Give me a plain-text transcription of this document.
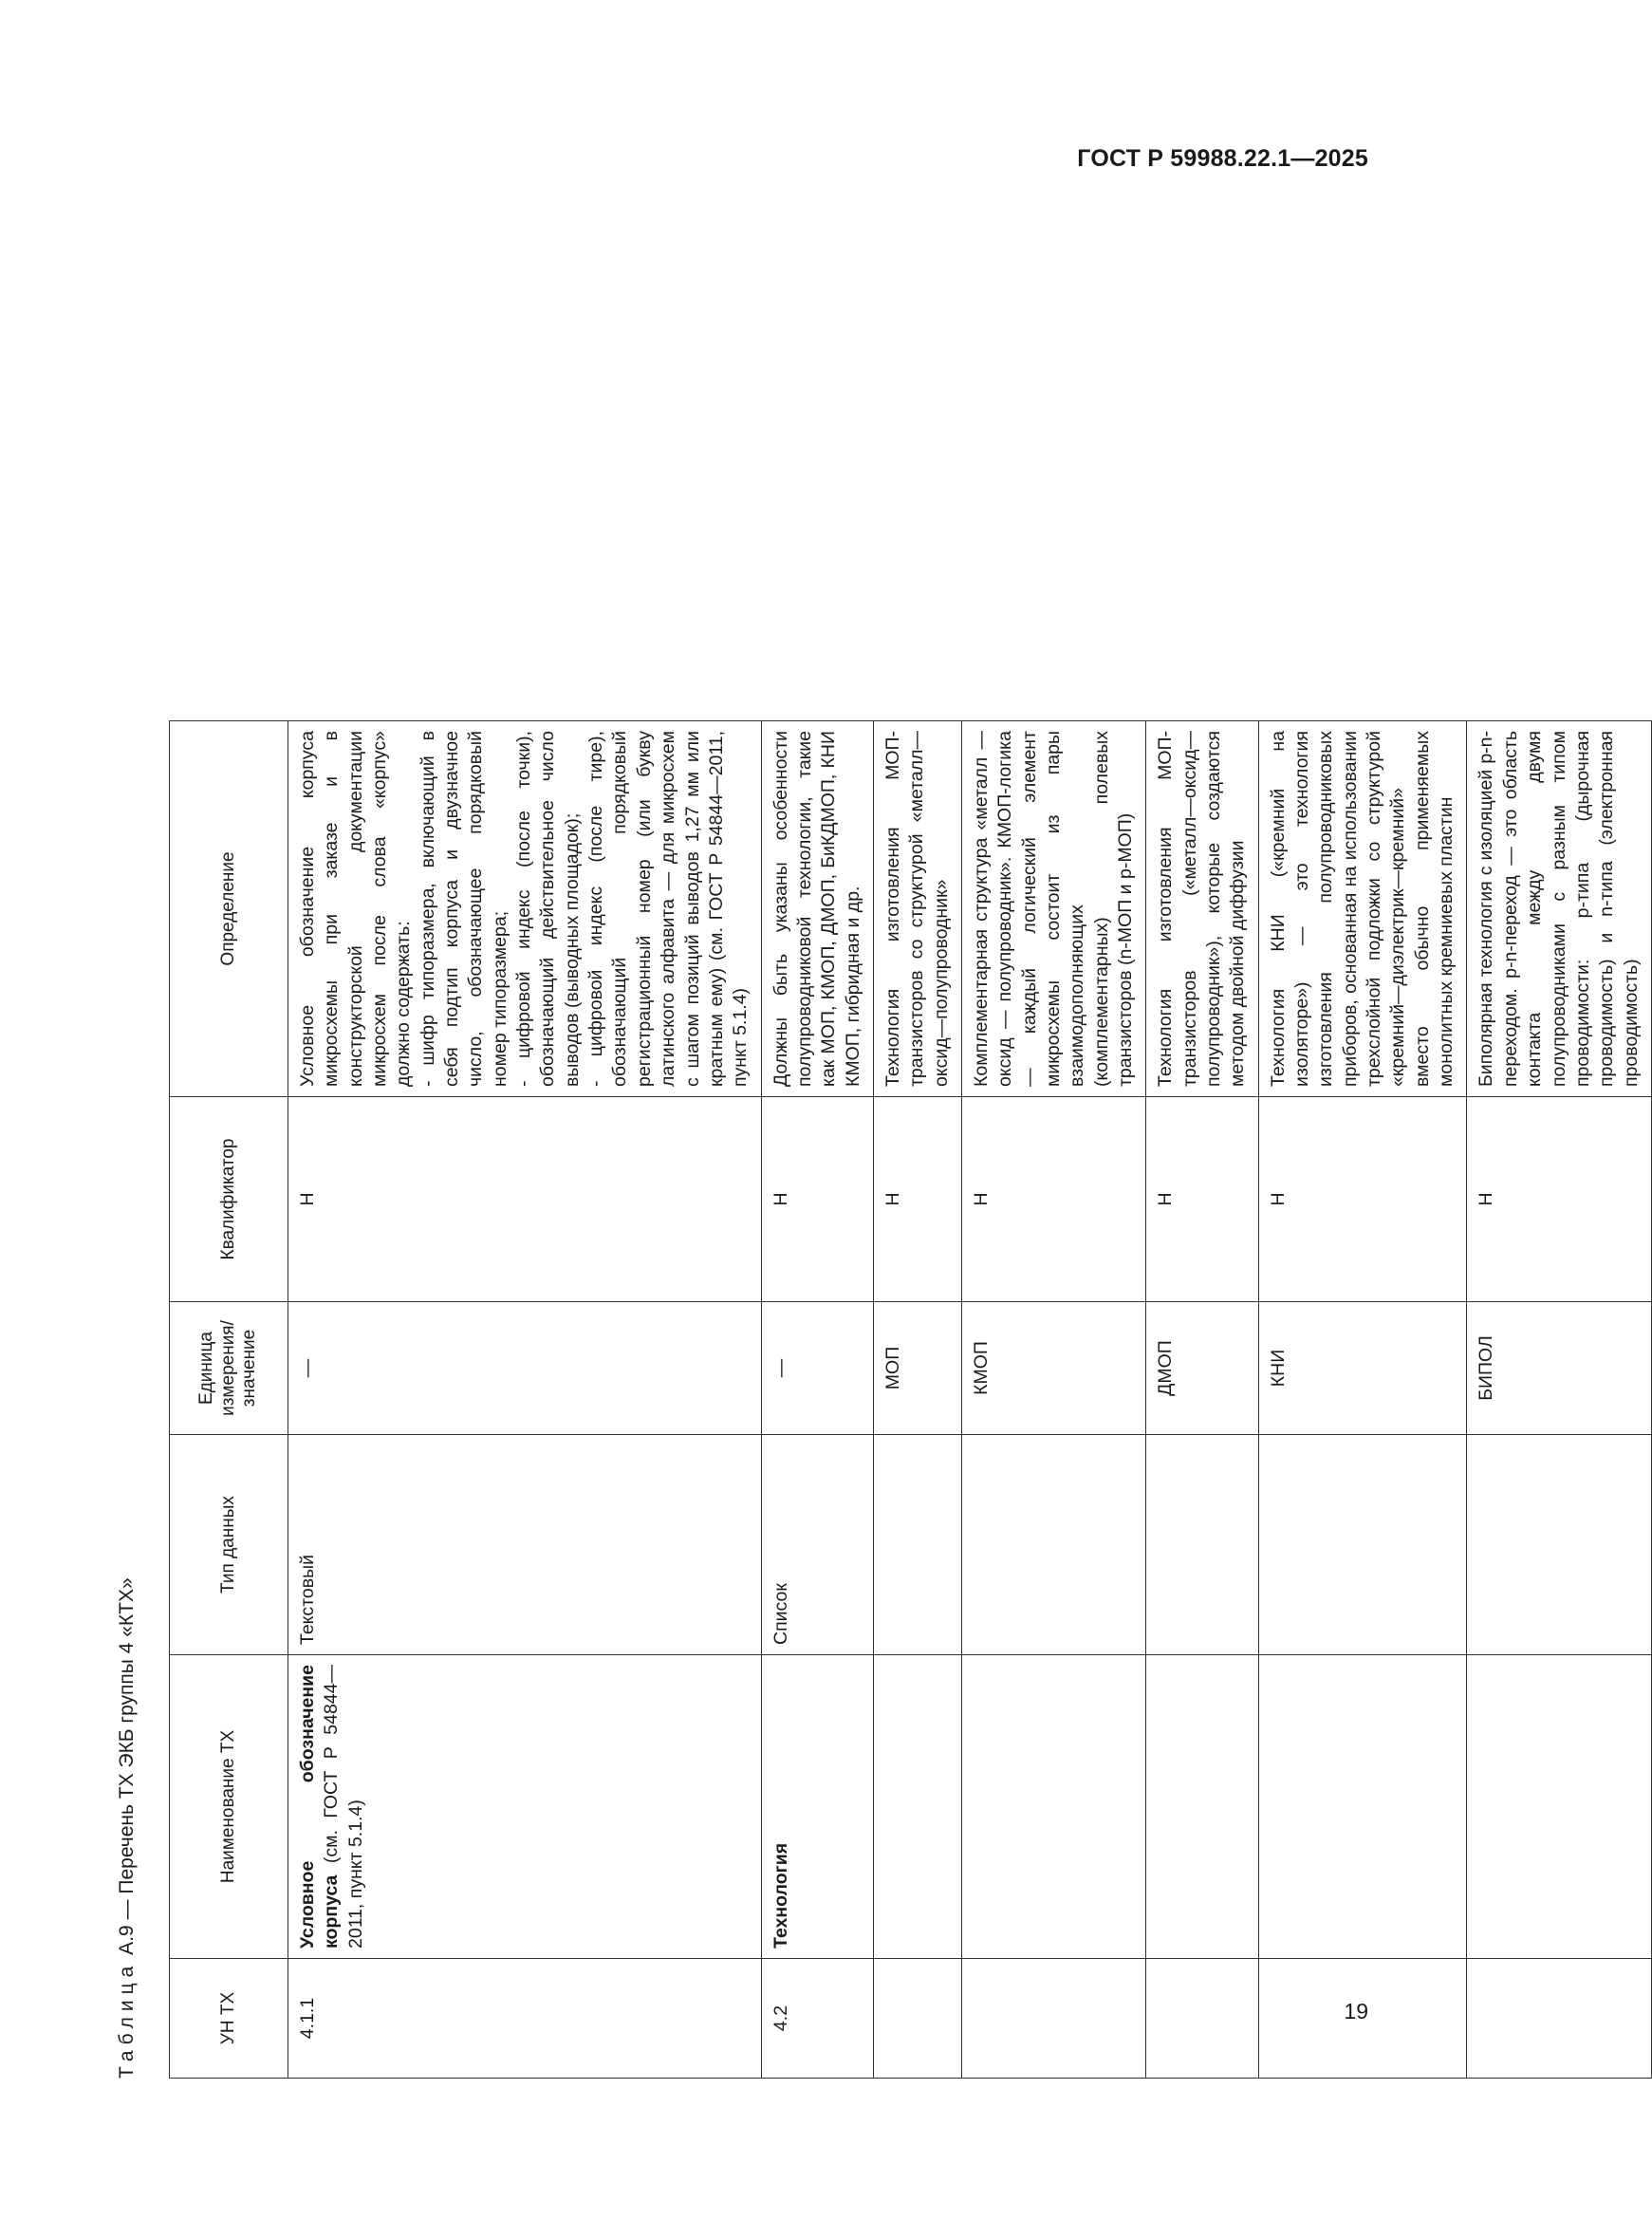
ГОСТ Р 59988.22.1—2025
Таблица А.9 — Перечень ТХ ЭКБ группы 4 «КТХ»
УН ТХ	Наименование ТХ	Тип данных	Единица измерения/ значение	Квалификатор	Определение
4.1.1	Условное обозначение корпуса (см. ГОСТ Р 54844—2011, пункт 5.1.4)	Текстовый	—	Н	Условное обозначение корпуса микросхемы при заказе и в конструкторской документации микросхем после слова «корпус» должно содержать: - шифр типоразмера, включающий в себя подтип корпуса и двузначное число, обозначающее порядковый номер типоразмера; - цифровой индекс (после точки), обозначающий действительное число выводов (выводных площадок); - цифровой индекс (после тире), обозначающий порядковый регистрационный номер (или букву латинского алфавита — для микросхем с шагом позиций выводов 1,27 мм или кратным ему) (см. ГОСТ Р 54844—2011, пункт 5.1.4)

4.2	Технология	Список	—	Н	Должны быть указаны особенности полупроводниковой технологии, такие как МОП, КМОП, ДМОП, БиКДМОП, КНИ КМОП, гибридная и др.

			МОП	Н	Технология изготовления МОП-транзисторов со структурой «металл—оксид—полупроводник»

			КМОП	Н	Комплементарная структура «металл — оксид — полупроводник». КМОП-логика — каждый логический элемент микросхемы состоит из пары взаимодополняющих (комплементарных) полевых транзисторов (n-МОП и p-МОП)

			ДМОП	Н	Технология изготовления МОП-транзисторов («металл—оксид—полупроводник»), которые создаются методом двойной диффузии

			КНИ	Н	Технология КНИ («кремний на изоляторе») — это технология изготовления полупроводниковых приборов, основанная на использовании трехслойной подложки со структурой «кремний—диэлектрик—кремний» вместо обычно применяемых монолитных кремниевых пластин

			БИПОЛ	Н	Биполярная технология с изоляцией p-n-переходом. p-n-переход — это область контакта между двумя полупроводниками с разным типом проводимости: p-типа (дырочная проводимость) и n-типа (электронная проводимость)
19
